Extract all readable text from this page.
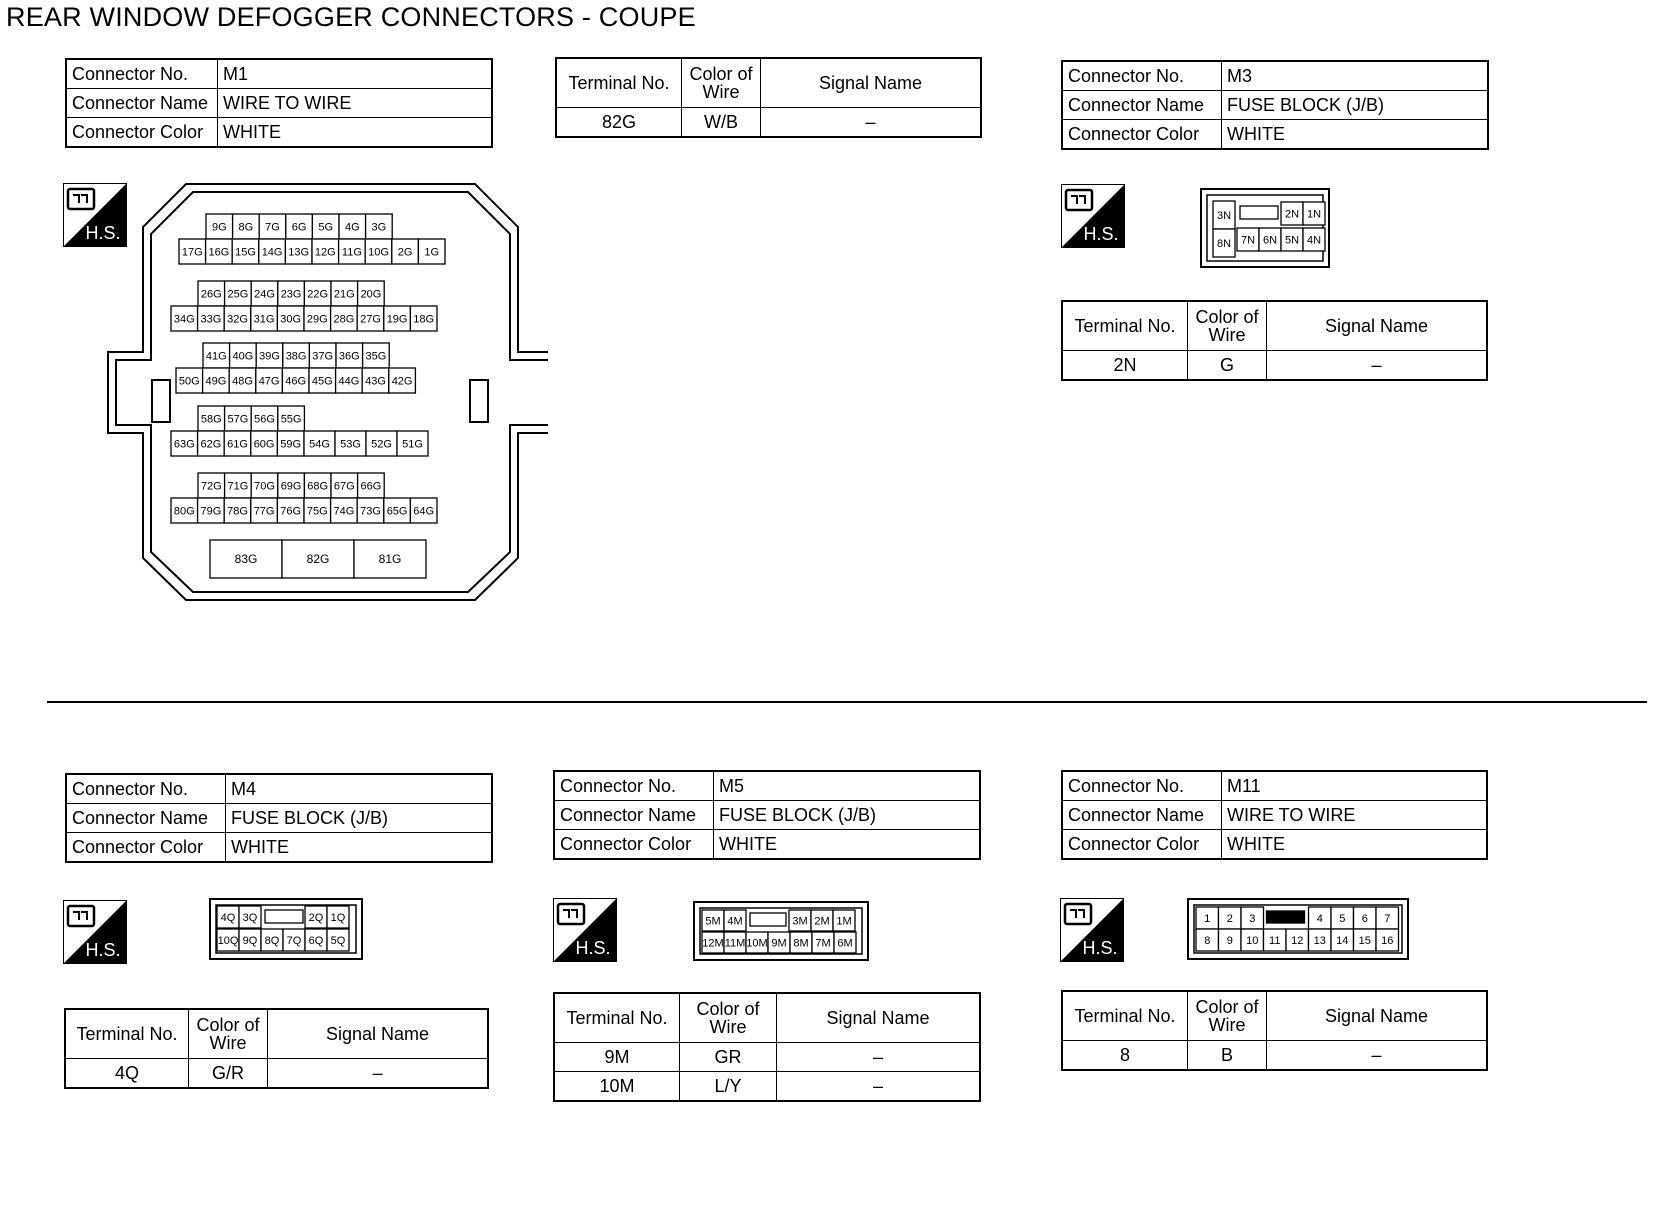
REAR WINDOW DEFOGGER CONNECTORS - COUPE
Connector No.	M1
Connector Name	WIRE TO WIRE
Connector Color	WHITE
Terminal No.	Color of Wire	Signal Name
82G	W/B	–
H.S.	9G 8G 7G 6G 5G 4G 3G
17G 16G 15G 14G 13G 12G 11G 10G 2G 1G
26G 25G 24G 23G 22G 21G 20G
34G 33G 32G 31G 30G 29G 28G 27G 19G 18G
41G 40G 39G 38G 37G 36G 35G
50G 49G 48G 47G 46G 45G 44G 43G 42G
58G 57G 56G 55G
63G 62G 61G 60G 59G 54G 53G 52G 51G
72G 71G 70G 69G 68G 67G 66G
80G 79G 78G 77G 76G 75G 74G 73G 65G 64G
83G	82G	81G
Connector No.	M3
Connector Name	FUSE BLOCK (J/B)
Connector Color	WHITE
H.S.
3N	2N 1N
8N 7N 6N 5N 4N
Terminal No.	Color of Wire	Signal Name
2N	G	–
Connector No.	M4
Connector Name	FUSE BLOCK (J/B)
Connector Color	WHITE
H.S.
4Q 3Q	2Q 1Q
10Q 9Q 8Q 7Q 6Q 5Q
Terminal No.	Color of Wire	Signal Name
4Q	G/R	–
Connector No.	M5
Connector Name	FUSE BLOCK (J/B)
Connector Color	WHITE
H.S.
5M 4M	3M 2M 1M
12M 11M 10M 9M 8M 7M 6M
Terminal No.	Color of Wire	Signal Name
9M	GR	–
10M	L/Y	–
Connector No.	M11
Connector Name	WIRE TO WIRE
Connector Color	WHITE
H.S.
1 2 3	4 5 6 7
8 9 10 11 12 13 14 15 16
Terminal No.	Color of Wire	Signal Name
8	B	–
